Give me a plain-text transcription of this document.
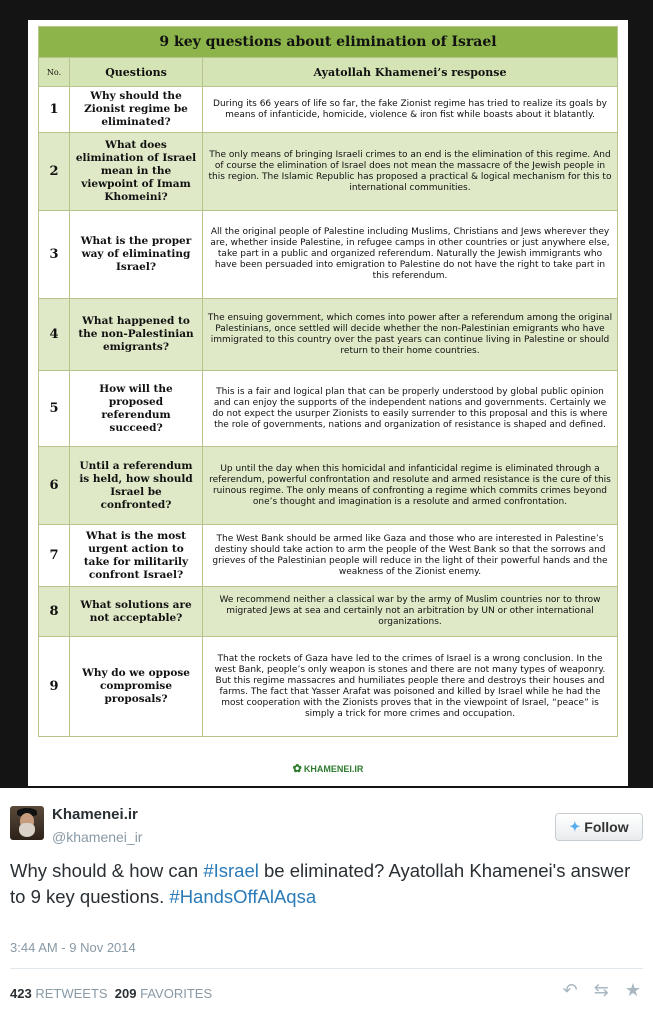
9 key questions about elimination of Israel		
No.	Questions	Ayatollah Khamenei’s response
1	Why should the Zionist regime be eliminated?	During its 66 years of life so far, the fake Zionist regime has tried to realize its goals by means of infanticide, homicide, violence & iron fist while boasts about it blatantly.
2	What does elimination of Israel mean in the viewpoint of Imam Khomeini?	The only means of bringing Israeli crimes to an end is the elimination of this regime. And of course the elimination of Israel does not mean the massacre of the Jewish people in this region. The Islamic Republic has proposed a practical & logical mechanism for this to international communities.
3	What is the proper way of eliminating Israel?	All the original people of Palestine including Muslims, Christians and Jews wherever they are, whether inside Palestine, in refugee camps in other countries or just anywhere else, take part in a public and organized referendum. Naturally the Jewish immigrants who have been persuaded into emigration to Palestine do not have the right to take part in this referendum.
4	What happened to the non-Palestinian emigrants?	The ensuing government, which comes into power after a referendum among the original Palestinians, once settled will decide whether the non-Palestinian emigrants who have immigrated to this country over the past years can continue living in Palestine or should return to their home countries.
5	How will the proposed referendum succeed?	This is a fair and logical plan that can be properly understood by global public opinion and can enjoy the supports of the independent nations and governments. Certainly we do not expect the usurper Zionists to easily surrender to this proposal and this is where the role of governments, nations and organization of resistance is shaped and defined.
6	Until a referendum is held, how should Israel be confronted?	Up until the day when this homicidal and infanticidal regime is eliminated through a referendum, powerful confrontation and resolute and armed resistance is the cure of this ruinous regime. The only means of confronting a regime which commits crimes beyond one’s thought and imagination is a resolute and armed confrontation.
7	What is the most urgent action to take for militarily confront Israel?	The West Bank should be armed like Gaza and those who are interested in Palestine’s destiny should take action to arm the people of the West Bank so that the sorrows and grieves of the Palestinian people will reduce in the light of their powerful hands and the weakness of the Zionist enemy.
8	What solutions are not acceptable?	We recommend neither a classical war by the army of Muslim countries nor to throw migrated Jews at sea and certainly not an arbitration by UN or other international organizations.
9	Why do we oppose compromise proposals?	That the rockets of Gaza have led to the crimes of Israel is a wrong conclusion. In the west Bank, people’s only weapon is stones and there are not many types of weaponry. But this regime massacres and humiliates people there and destroys their houses and farms. The fact that Yasser Arafat was poisoned and killed by Israel while he had the most cooperation with the Zionists proves that in the viewpoint of Israel, “peace” is simply a trick for more crimes and occupation.
✿ KHAMENEI.IR
Khamenei.ir
@khamenei_ir
✦ Follow
Why should & how can #Israel be eliminated? Ayatollah Khamenei's answer to 9 key questions. #HandsOffAlAqsa
3:44 AM - 9 Nov 2014
423 RETWEETS 209 FAVORITES	↶ ⇆ ★
